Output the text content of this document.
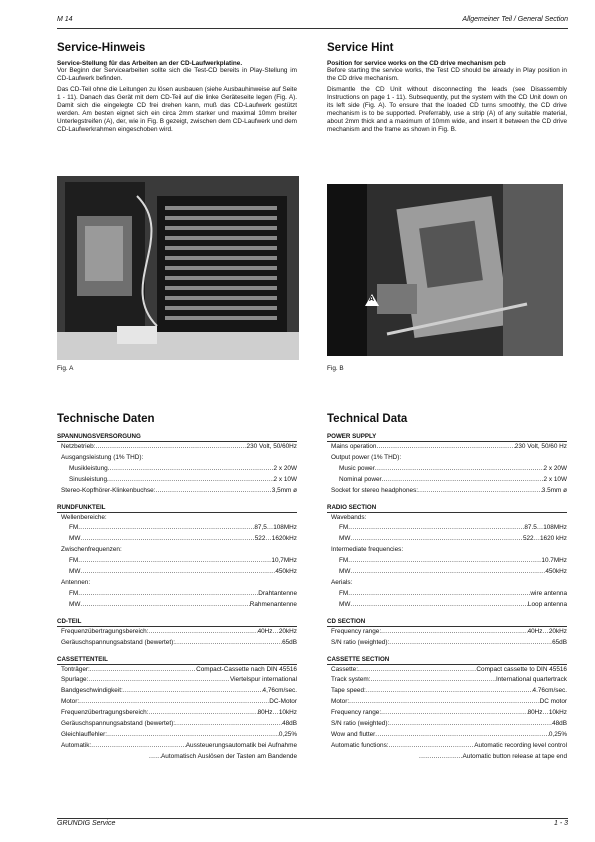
M 14	Allgemeiner Teil / General Section
Service-Hinweis
Service-Stellung für das Arbeiten an der CD-Laufwerkplatine.

Vor Beginn der Servicearbeiten sollte sich die Test-CD bereits in Play-Stellung im CD-Laufwerk befinden.

Das CD-Teil ohne die Leitungen zu lösen ausbauen (siehe Ausbauhinweise auf Seite 1 - 11). Danach das Gerät mit dem CD-Teil auf die linke Geräteseite legen (Fig. A). Damit sich die eingelegte CD frei drehen kann, muß das CD-Laufwerk gestützt werden. Am besten eignet sich ein circa 2mm starker und maximal 10mm breiter Unterlegstreifen (A), der, wie in Fig. B gezeigt, zwischen dem CD-Laufwerk und dem CD-Laufwerkrahmen eingeschoben wird.

Service Hint
Position for service works on the CD drive mechanism pcb

Before starting the service works, the Test CD should be already in Play position in the CD drive mechanism.

Dismantle the CD Unit without disconnecting the leads (see Disassembly Instructions on page 1 - 11). Subsequently, put the system with the CD Unit down on its left side (Fig. A). To ensure that the loaded CD turns smoothly, the CD drive mechanism is to be supported. Preferrably, use a strip (A) of any suitable material, about 2mm thick and a maximum of 10mm wide, and insert it between the CD drive mechanism and the frame as shown in Fig. B.

Fig. A
A
Fig. B
Technische Daten	Technical Data
SPANNUNGSVERSORGUNG
Netzbetrieb: .....	230 Volt, 50/60Hz
Ausgangsleistung (1% THD):
Musikleistung .....	2 x 20W
Sinusleistung .....	2 x 10W
Stereo-Kopfhörer-Klinkenbuchse: .....	3,5mm ø
RUNDFUNKTEIL
Wellenbereiche:
FM .....	87,5…108MHz
MW .....	522…1620kHz
Zwischenfrequenzen:
FM .....	10,7MHz
MW .....	450kHz
Antennen:
FM .....	Drahtantenne
MW .....	Rahmenantenne
CD-TEIL
Frequenzübertragungsbereich: .....	40Hz…20kHz
Geräuschspannungsabstand (bewertet): .....	65dB
CASSETTENTEIL
Tonträger: .....	Compact-Cassette nach DIN 45516
Spurlage: .....	Viertelspur international
Bandgeschwindigkeit: .....	4,76cm/sec.
Motor: .....	DC-Motor
Frequenzübertragungsbereich: .....	80Hz…10kHz
Geräuschspannungsabstand (bewertet): .....	48dB
Gleichlauffehler: .....	0,25%
Automatik: .....	Aussteuerungsautomatik bei Aufnahme
.....
Automatisch Auslösen der Tasten am Bandende
POWER SUPPLY
Mains operation .....	230 Volt, 50/60 Hz
Output power (1% THD):
Music power .....	2 x 20W
Nominal power .....	2 x 10W
Socket for stereo headphones: .....	3.5mm ø
RADIO SECTION
Wavebands:
FM .....	87.5…108MHz
MW .....	522…1620 kHz
Intermediate frequencies:
FM .....	10.7MHz
MW .....	450kHz
Aerials:
FM .....	wire antenna
MW .....	Loop antenna
CD SECTION
Frequency range: .....	40Hz…20kHz
S/N ratio (weighted): .....	65dB
CASSETTE SECTION
Cassette: .....	Compact cassette to DIN 45516
Track system: .....	International quartertrack
Tape speed: .....	4.76cm/sec.
Motor: .....	DC motor
Frequency range: .....	80Hz…10kHz
S/N ratio (weighted): .....	48dB
Wow and flutter .....	0,25%
Automatic functions: .....	Automatic recording level control
.....
Automatic button release at tape end
GRUNDIG Service	1 - 3
